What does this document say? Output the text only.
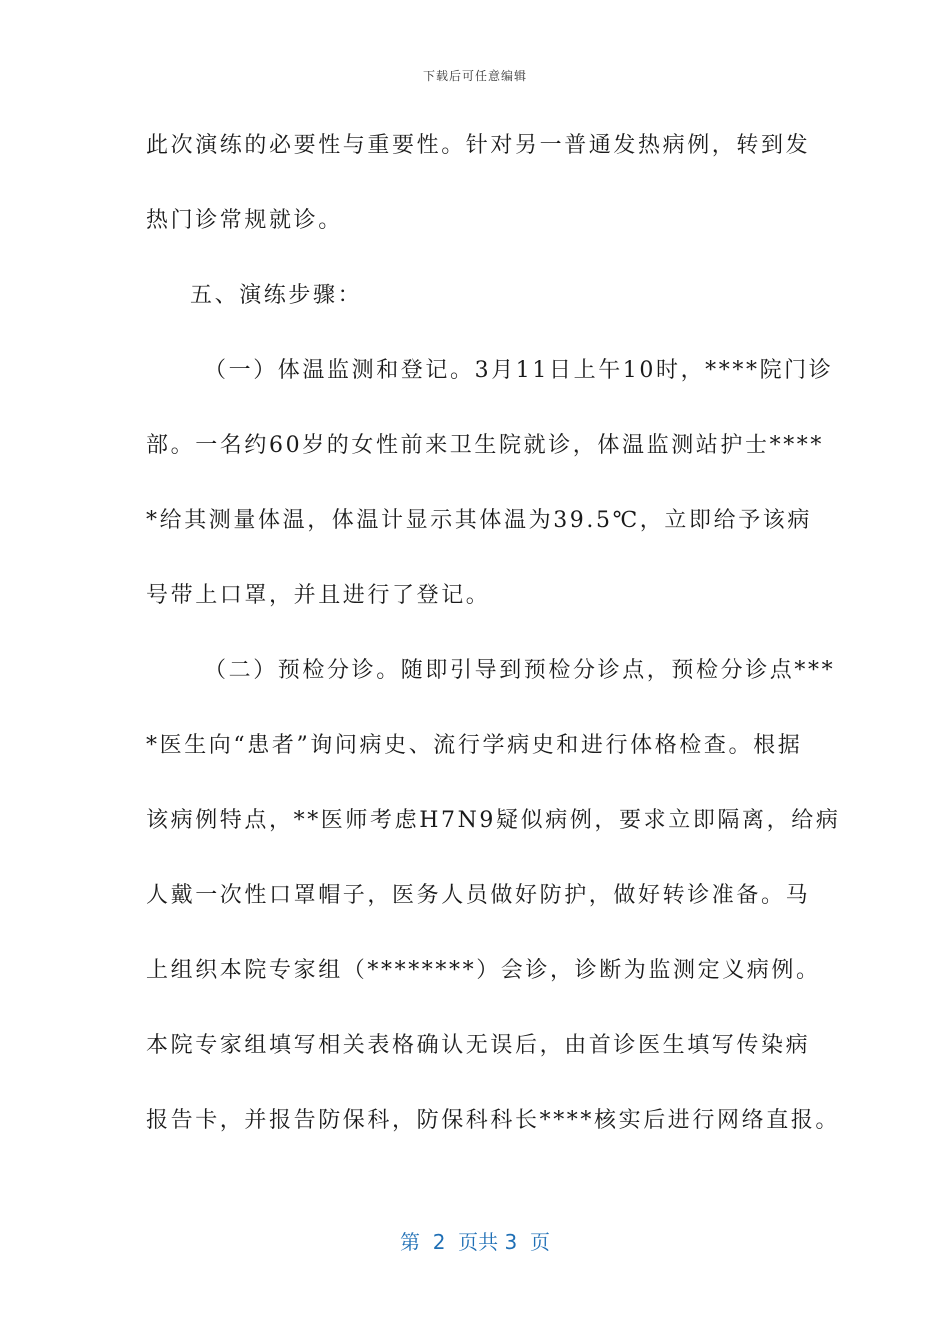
下载后可任意编辑
此次演练的必要性与重要性。针对另一普通发热病例，转到发
热门诊常规就诊。
五、演练步骤：
（一）体温监测和登记。3月11日上午10时，****院门诊
部。一名约60岁的女性前来卫生院就诊，体温监测站护士****
*给其测量体温，体温计显示其体温为39.5℃，立即给予该病
号带上口罩，并且进行了登记。
（二）预检分诊。随即引导到预检分诊点，预检分诊点***
*医生向“患者”询问病史、流行学病史和进行体格检查。根据
该病例特点，**医师考虑H7N9疑似病例，要求立即隔离，给病
人戴一次性口罩帽子，医务人员做好防护，做好转诊准备。马
上组织本院专家组（********）会诊，诊断为监测定义病例。
本院专家组填写相关表格确认无误后，由首诊医生填写传染病
报告卡，并报告防保科，防保科科长****核实后进行网络直报。
第  2  页共 3  页
